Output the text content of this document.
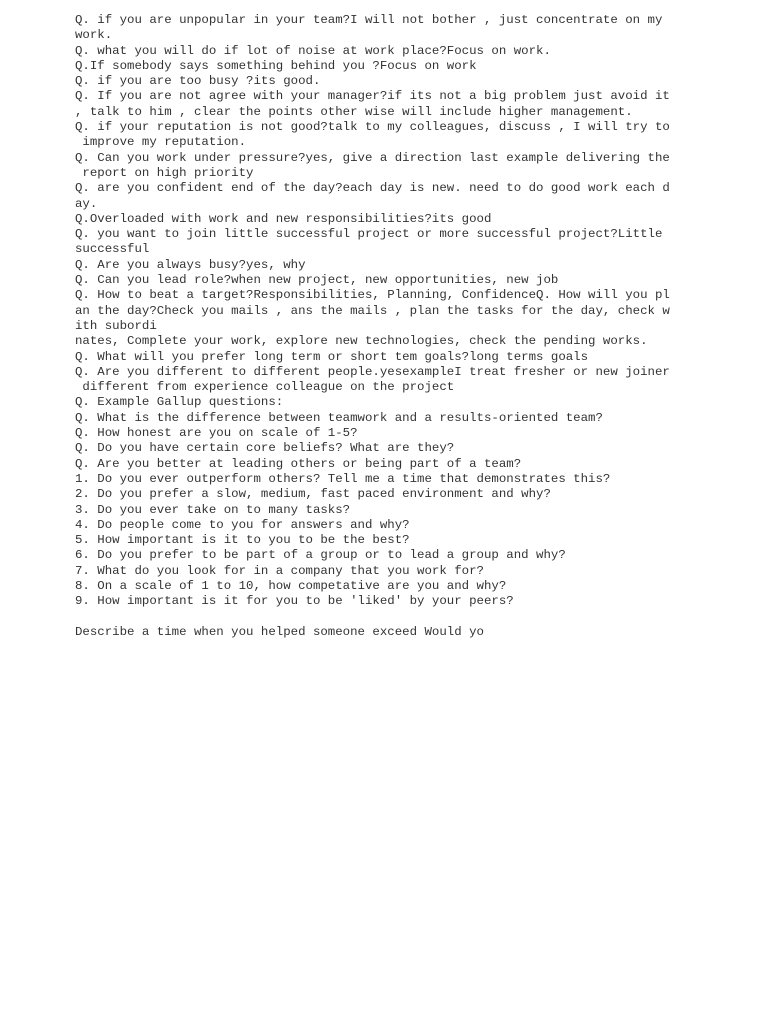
Q. if you are unpopular in your team?I will not bother , just concentrate on my
work.
Q. what you will do if lot of noise at work place?Focus on work.
Q.If somebody says something behind you ?Focus on work
Q. if you are too busy ?its good.
Q. If you are not agree with your manager?if its not a big problem just avoid it
, talk to him , clear the points other wise will include higher management.
Q. if your reputation is not good?talk to my colleagues, discuss , I will try to
improve my reputation.
Q. Can you work under pressure?yes, give a direction last example delivering the
report on high priority
Q. are you confident end of the day?each day is new. need to do good work each d
ay.
Q.Overloaded with work and new responsibilities?its good
Q. you want to join little successful project or more successful project?Little
successful
Q. Are you always busy?yes, why
Q. Can you lead role?when new project, new opportunities, new job
Q. How to beat a target?Responsibilities, Planning, ConfidenceQ. How will you pl
an the day?Check you mails , ans the mails , plan the tasks for the day, check w
ith subordi
nates, Complete your work, explore new technologies, check the pending works.
Q. What will you prefer long term or short tem goals?long terms goals
Q. Are you different to different people.yesexampleI treat fresher or new joiner
different from experience colleague on the project
Q. Example Gallup questions:
Q. What is the difference between teamwork and a results-oriented team?
Q. How honest are you on scale of 1-5?
Q. Do you have certain core beliefs? What are they?
Q. Are you better at leading others or being part of a team?
1. Do you ever outperform others? Tell me a time that demonstrates this?
2. Do you prefer a slow, medium, fast paced environment and why?
3. Do you ever take on to many tasks?
4. Do people come to you for answers and why?
5. How important is it to you to be the best?
6. Do you prefer to be part of a group or to lead a group and why?
7. What do you look for in a company that you work for?
8. On a scale of 1 to 10, how competative are you and why?
9. How important is it for you to be 'liked' by your peers?
Describe a time when you helped someone exceed Would yo
